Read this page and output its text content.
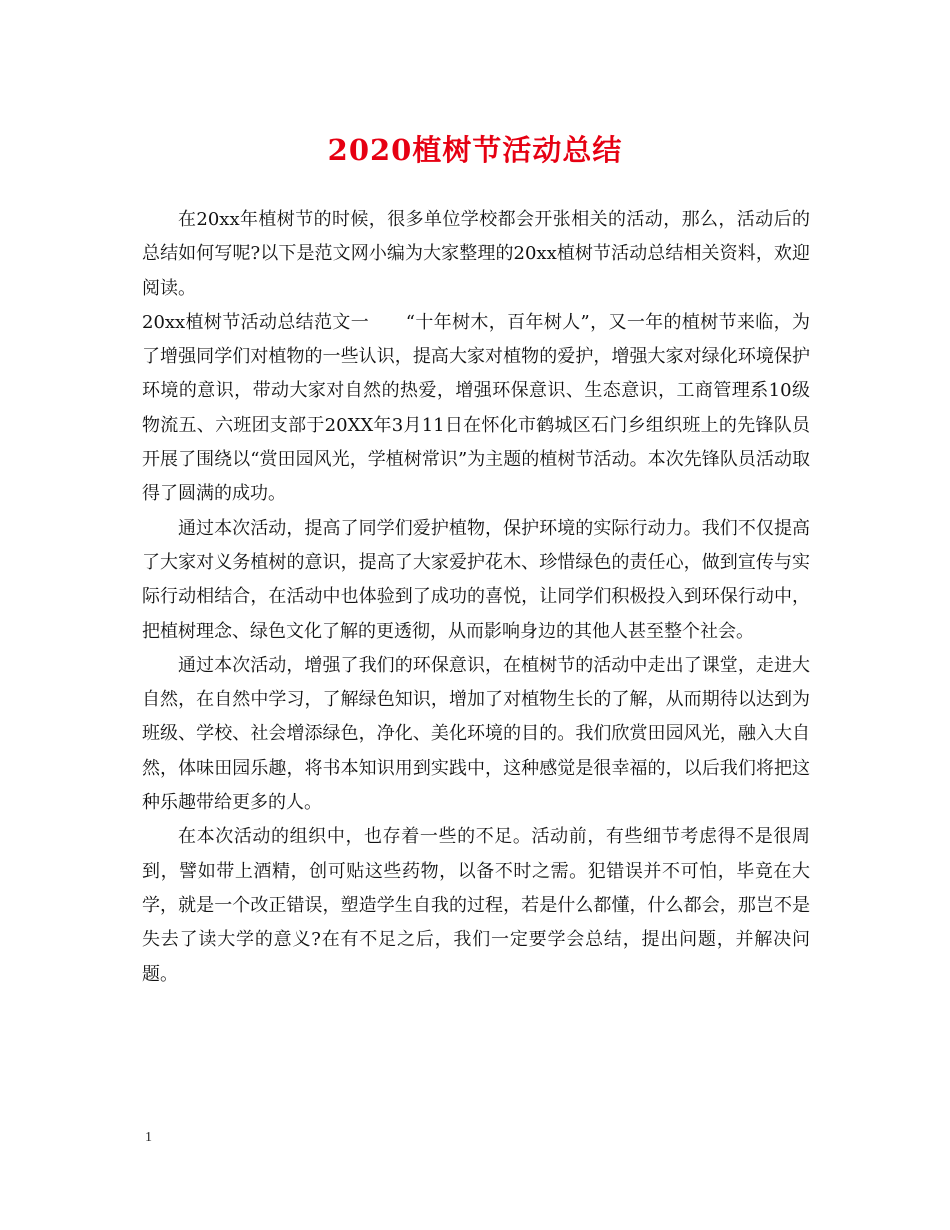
2020植树节活动总结

在20xx年植树节的时候，很多单位学校都会开张相关的活动，那么，活动后的总结如何写呢?以下是范文网小编为大家整理的20xx植树节活动总结相关资料，欢迎阅读。

20xx植树节活动总结范文一　　“十年树木，百年树人”，又一年的植树节来临，为了增强同学们对植物的一些认识，提高大家对植物的爱护，增强大家对绿化环境保护环境的意识，带动大家对自然的热爱，增强环保意识、生态意识，工商管理系10级物流五、六班团支部于20XX年3月11日在怀化市鹤城区石门乡组织班上的先锋队员开展了围绕以“赏田园风光，学植树常识”为主题的植树节活动。本次先锋队员活动取得了圆满的成功。

通过本次活动，提高了同学们爱护植物，保护环境的实际行动力。我们不仅提高了大家对义务植树的意识，提高了大家爱护花木、珍惜绿色的责任心，做到宣传与实际行动相结合，在活动中也体验到了成功的喜悦，让同学们积极投入到环保行动中，把植树理念、绿色文化了解的更透彻，从而影响身边的其他人甚至整个社会。

通过本次活动，增强了我们的环保意识，在植树节的活动中走出了课堂，走进大自然，在自然中学习，了解绿色知识，增加了对植物生长的了解，从而期待以达到为班级、学校、社会增添绿色，净化、美化环境的目的。我们欣赏田园风光，融入大自然，体味田园乐趣，将书本知识用到实践中，这种感觉是很幸福的，以后我们将把这种乐趣带给更多的人。

在本次活动的组织中，也存着一些的不足。活动前，有些细节考虑得不是很周到，譬如带上酒精，创可贴这些药物，以备不时之需。犯错误并不可怕，毕竟在大学，就是一个改正错误，塑造学生自我的过程，若是什么都懂，什么都会，那岂不是失去了读大学的意义?在有不足之后，我们一定要学会总结，提出问题，并解决问题。

1
